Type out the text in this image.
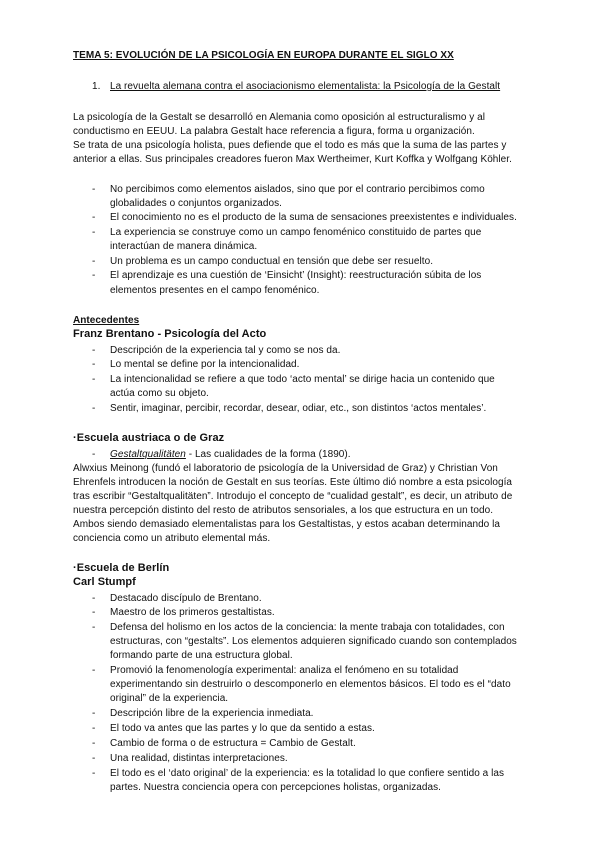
TEMA 5: EVOLUCIÓN DE LA PSICOLOGÍA EN EUROPA DURANTE EL SIGLO XX
1. La revuelta alemana contra el asociacionismo elementalista: la Psicología de la Gestalt
La psicología de la Gestalt se desarrolló en Alemania como oposición al estructuralismo y al
conductismo en EEUU. La palabra Gestalt hace referencia a figura, forma u organización.
Se trata de una psicología holista, pues defiende que el todo es más que la suma de las partes y
anterior a ellas. Sus principales creadores fueron Max Wertheimer, Kurt Koffka y Wolfgang Köhler.
- No percibimos como elementos aislados, sino que por el contrario percibimos como
globalidades o conjuntos organizados.
- El conocimiento no es el producto de la suma de sensaciones preexistentes e individuales.
- La experiencia se construye como un campo fenoménico constituido de partes que
interactúan de manera dinámica.
- Un problema es un campo conductual en tensión que debe ser resuelto.
- El aprendizaje es una cuestión de ‘Einsicht’ (Insight): reestructuración súbita de los
elementos presentes en el campo fenoménico.
Antecedentes
Franz Brentano - Psicología del Acto
- Descripción de la experiencia tal y como se nos da.
- Lo mental se define por la intencionalidad.
- La intencionalidad se refiere a que todo ‘acto mental’ se dirige hacia un contenido que
actúa como su objeto.
- Sentir, imaginar, percibir, recordar, desear, odiar, etc., son distintos ‘actos mentales’.
·Escuela austriaca o de Graz
- Gestaltqualitäten - Las cualidades de la forma (1890).
Alwxius Meinong (fundó el laboratorio de psicología de la Universidad de Graz) y Christian Von
Ehrenfels introducen la noción de Gestalt en sus teorías. Este último dió nombre a esta psicología
tras escribir “Gestaltqualitäten”. Introdujo el concepto de “cualidad gestalt”, es decir, un atributo de
nuestra percepción distinto del resto de atributos sensoriales, a los que estructura en un todo.
Ambos siendo demasiado elementalistas para los Gestaltistas, y estos acaban determinando la
conciencia como un atributo elemental más.
·Escuela de Berlín
Carl Stumpf
- Destacado discípulo de Brentano.
- Maestro de los primeros gestaltistas.
- Defensa del holismo en los actos de la conciencia: la mente trabaja con totalidades, con
estructuras, con “gestalts”. Los elementos adquieren significado cuando son contemplados
formando parte de una estructura global.
- Promovió la fenomenología experimental: analiza el fenómeno en su totalidad
experimentando sin destruirlo o descomponerlo en elementos básicos. El todo es el “dato
original” de la experiencia.
- Descripción libre de la experiencia inmediata.
- El todo va antes que las partes y lo que da sentido a estas.
- Cambio de forma o de estructura = Cambio de Gestalt.
- Una realidad, distintas interpretaciones.
- El todo es el ‘dato original’ de la experiencia: es la totalidad lo que confiere sentido a las
partes. Nuestra conciencia opera con percepciones holistas, organizadas.
